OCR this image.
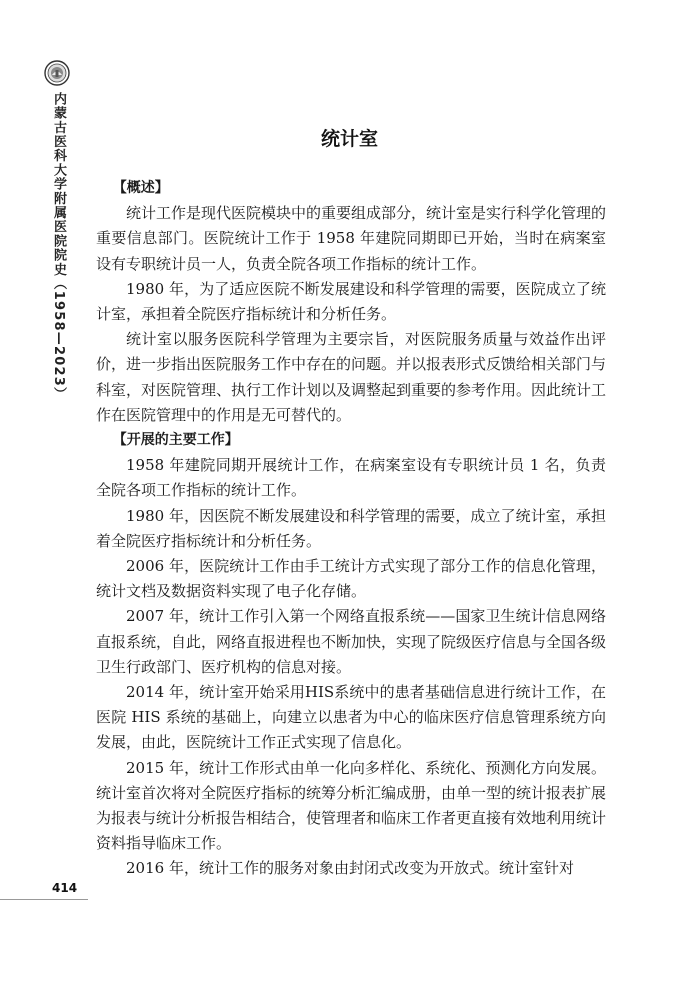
内蒙古医科大学附属医院院史（1958—2023）	统计室
【概述】

统计工作是现代医院模块中的重要组成部分，统计室是实行科学化管理的重要信息部门。医院统计工作于 1958 年建院同期即已开始，当时在病案室设有专职统计员一人，负责全院各项工作指标的统计工作。

1980 年，为了适应医院不断发展建设和科学管理的需要，医院成立了统计室，承担着全院医疗指标统计和分析任务。

统计室以服务医院科学管理为主要宗旨，对医院服务质量与效益作出评价，进一步指出医院服务工作中存在的问题。并以报表形式反馈给相关部门与科室，对医院管理、执行工作计划以及调整起到重要的参考作用。因此统计工作在医院管理中的作用是无可替代的。

【开展的主要工作】

1958 年建院同期开展统计工作，在病案室设有专职统计员 1 名，负责全院各项工作指标的统计工作。

1980 年，因医院不断发展建设和科学管理的需要，成立了统计室，承担着全院医疗指标统计和分析任务。

2006 年，医院统计工作由手工统计方式实现了部分工作的信息化管理，统计文档及数据资料实现了电子化存储。

2007 年，统计工作引入第一个网络直报系统——国家卫生统计信息网络直报系统，自此，网络直报进程也不断加快，实现了院级医疗信息与全国各级卫生行政部门、医疗机构的信息对接。

2014 年，统计室开始采用HIS系统中的患者基础信息进行统计工作，在医院 HIS 系统的基础上，向建立以患者为中心的临床医疗信息管理系统方向发展，由此，医院统计工作正式实现了信息化。

2015 年，统计工作形式由单一化向多样化、系统化、预测化方向发展。统计室首次将对全院医疗指标的统筹分析汇编成册，由单一型的统计报表扩展为报表与统计分析报告相结合，使管理者和临床工作者更直接有效地利用统计资料指导临床工作。

2016 年，统计工作的服务对象由封闭式改变为开放式。统计室针对

414
